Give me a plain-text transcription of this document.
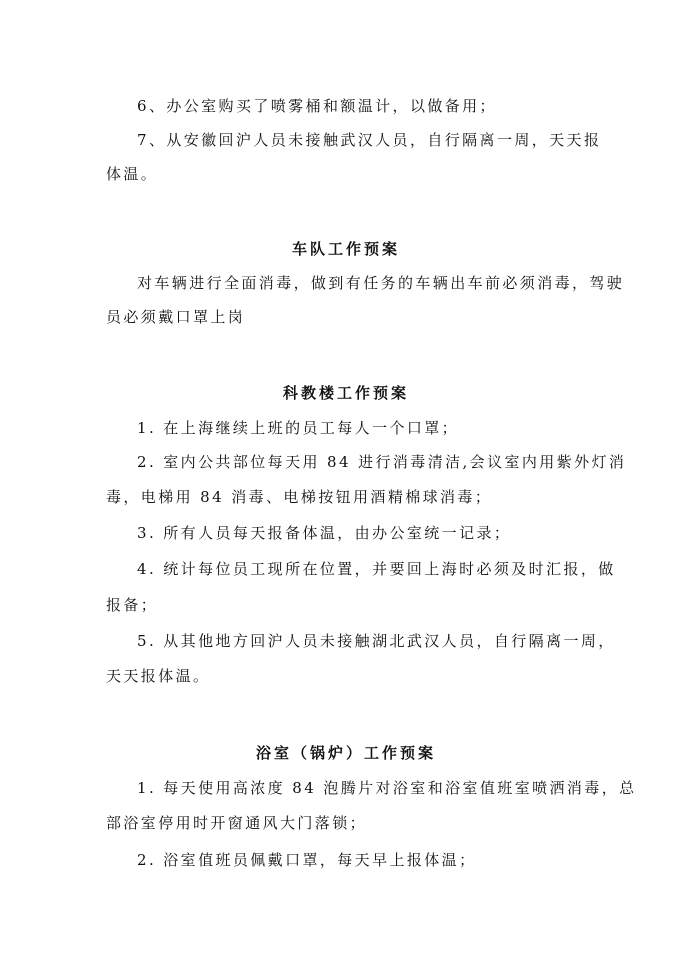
6、办公室购买了喷雾桶和额温计，以做备用；
7、从安徽回沪人员未接触武汉人员，自行隔离一周，天天报
体温。
车队工作预案
对车辆进行全面消毒，做到有任务的车辆出车前必须消毒，驾驶
员必须戴口罩上岗
科教楼工作预案
1. 在上海继续上班的员工每人一个口罩；
2. 室内公共部位每天用 84 进行消毒清洁,会议室内用紫外灯消
毒，电梯用 84 消毒、电梯按钮用酒精棉球消毒；
3. 所有人员每天报备体温，由办公室统一记录；
4. 统计每位员工现所在位置，并要回上海时必须及时汇报，做
报备；
5. 从其他地方回沪人员未接触湖北武汉人员，自行隔离一周，
天天报体温。
浴室（锅炉）工作预案
1. 每天使用高浓度 84 泡腾片对浴室和浴室值班室喷洒消毒，总
部浴室停用时开窗通风大门落锁；
2. 浴室值班员佩戴口罩，每天早上报体温；
